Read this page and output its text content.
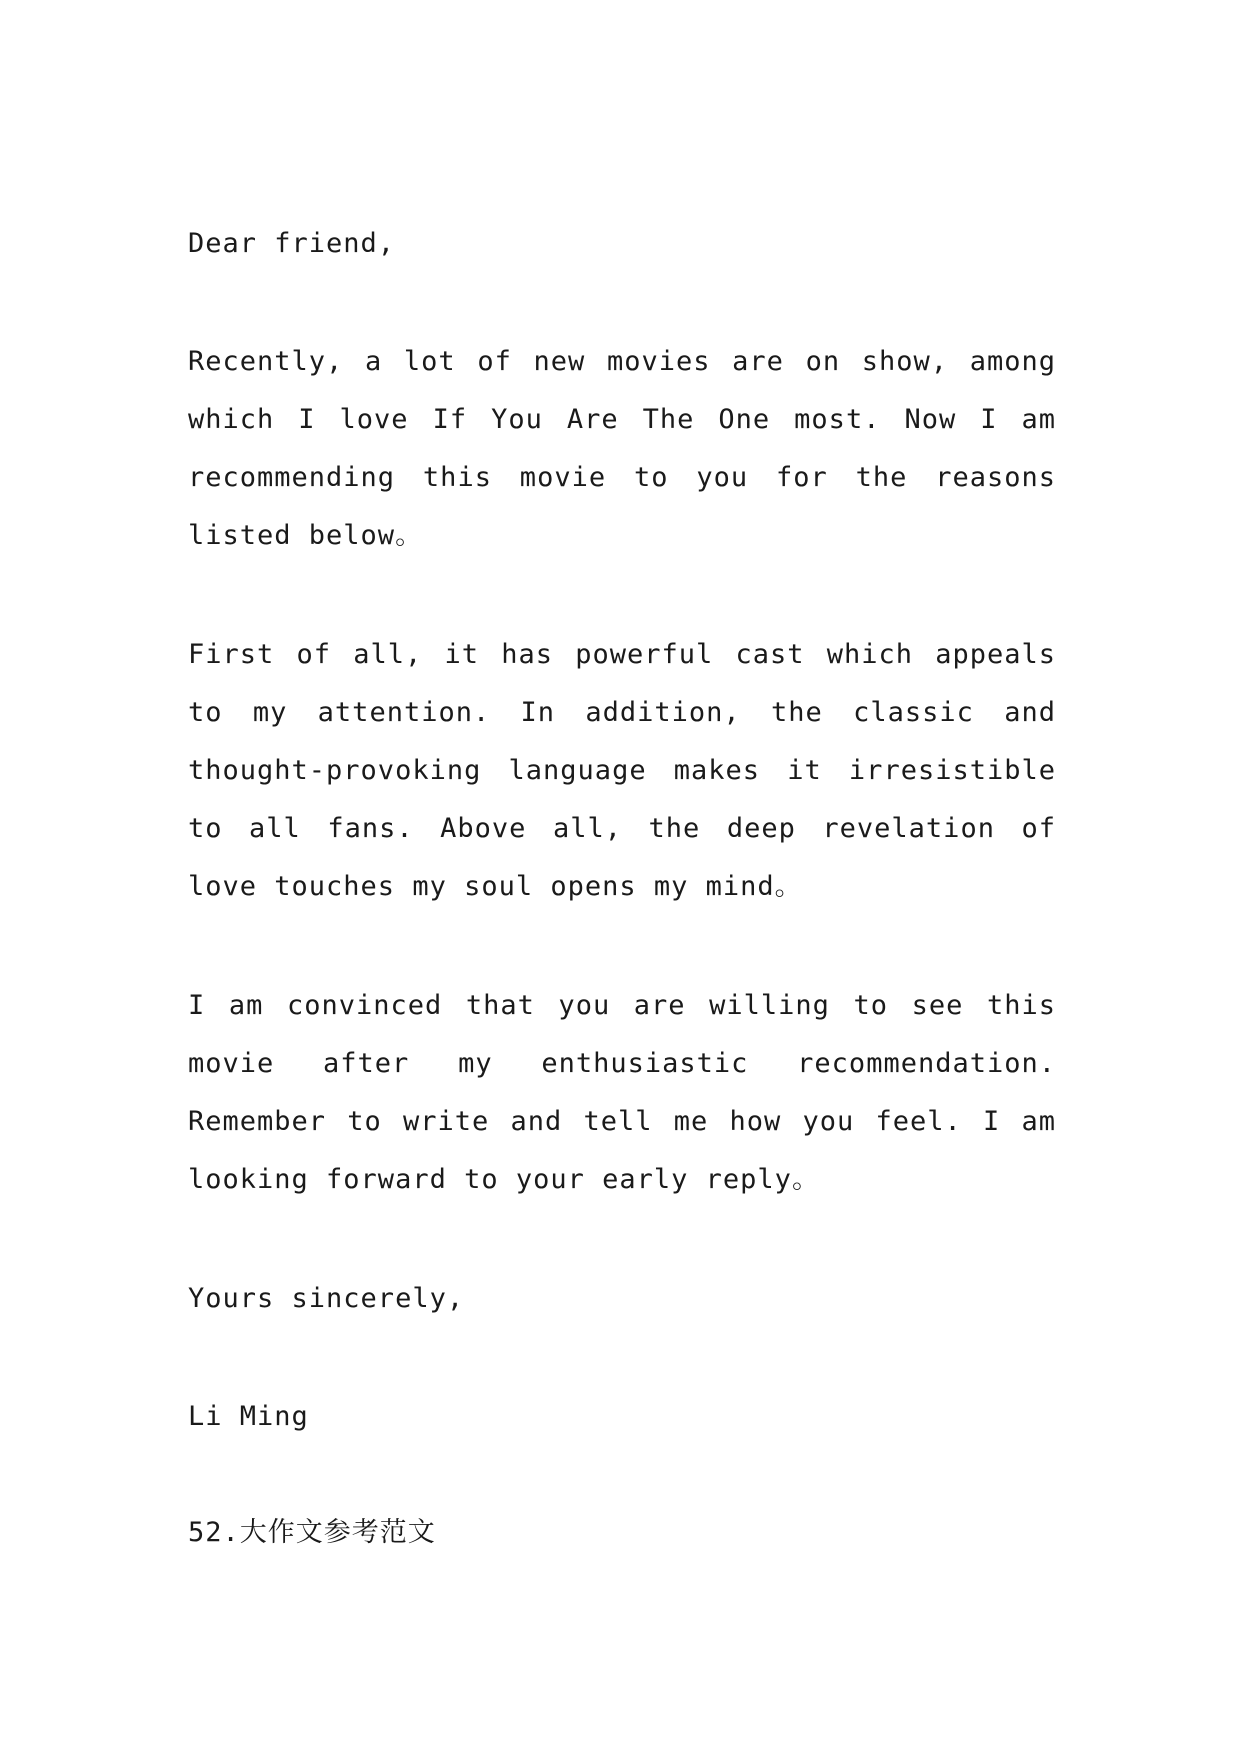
Dear friend,

Recently, a lot of new movies are on show, among which I love If You Are The One most. Now I am recommending this movie to you for the reasons listed below。

First of all, it has powerful cast which appeals to my attention. In addition, the classic and thought-provoking language makes it irresistible to all fans. Above all, the deep revelation of love touches my soul opens my mind。

I am convinced that you are willing to see this movie after my enthusiastic recommendation. Remember to write and tell me how you feel. I am looking forward to your early reply。

Yours sincerely,

Li Ming

52.大作文参考范文
